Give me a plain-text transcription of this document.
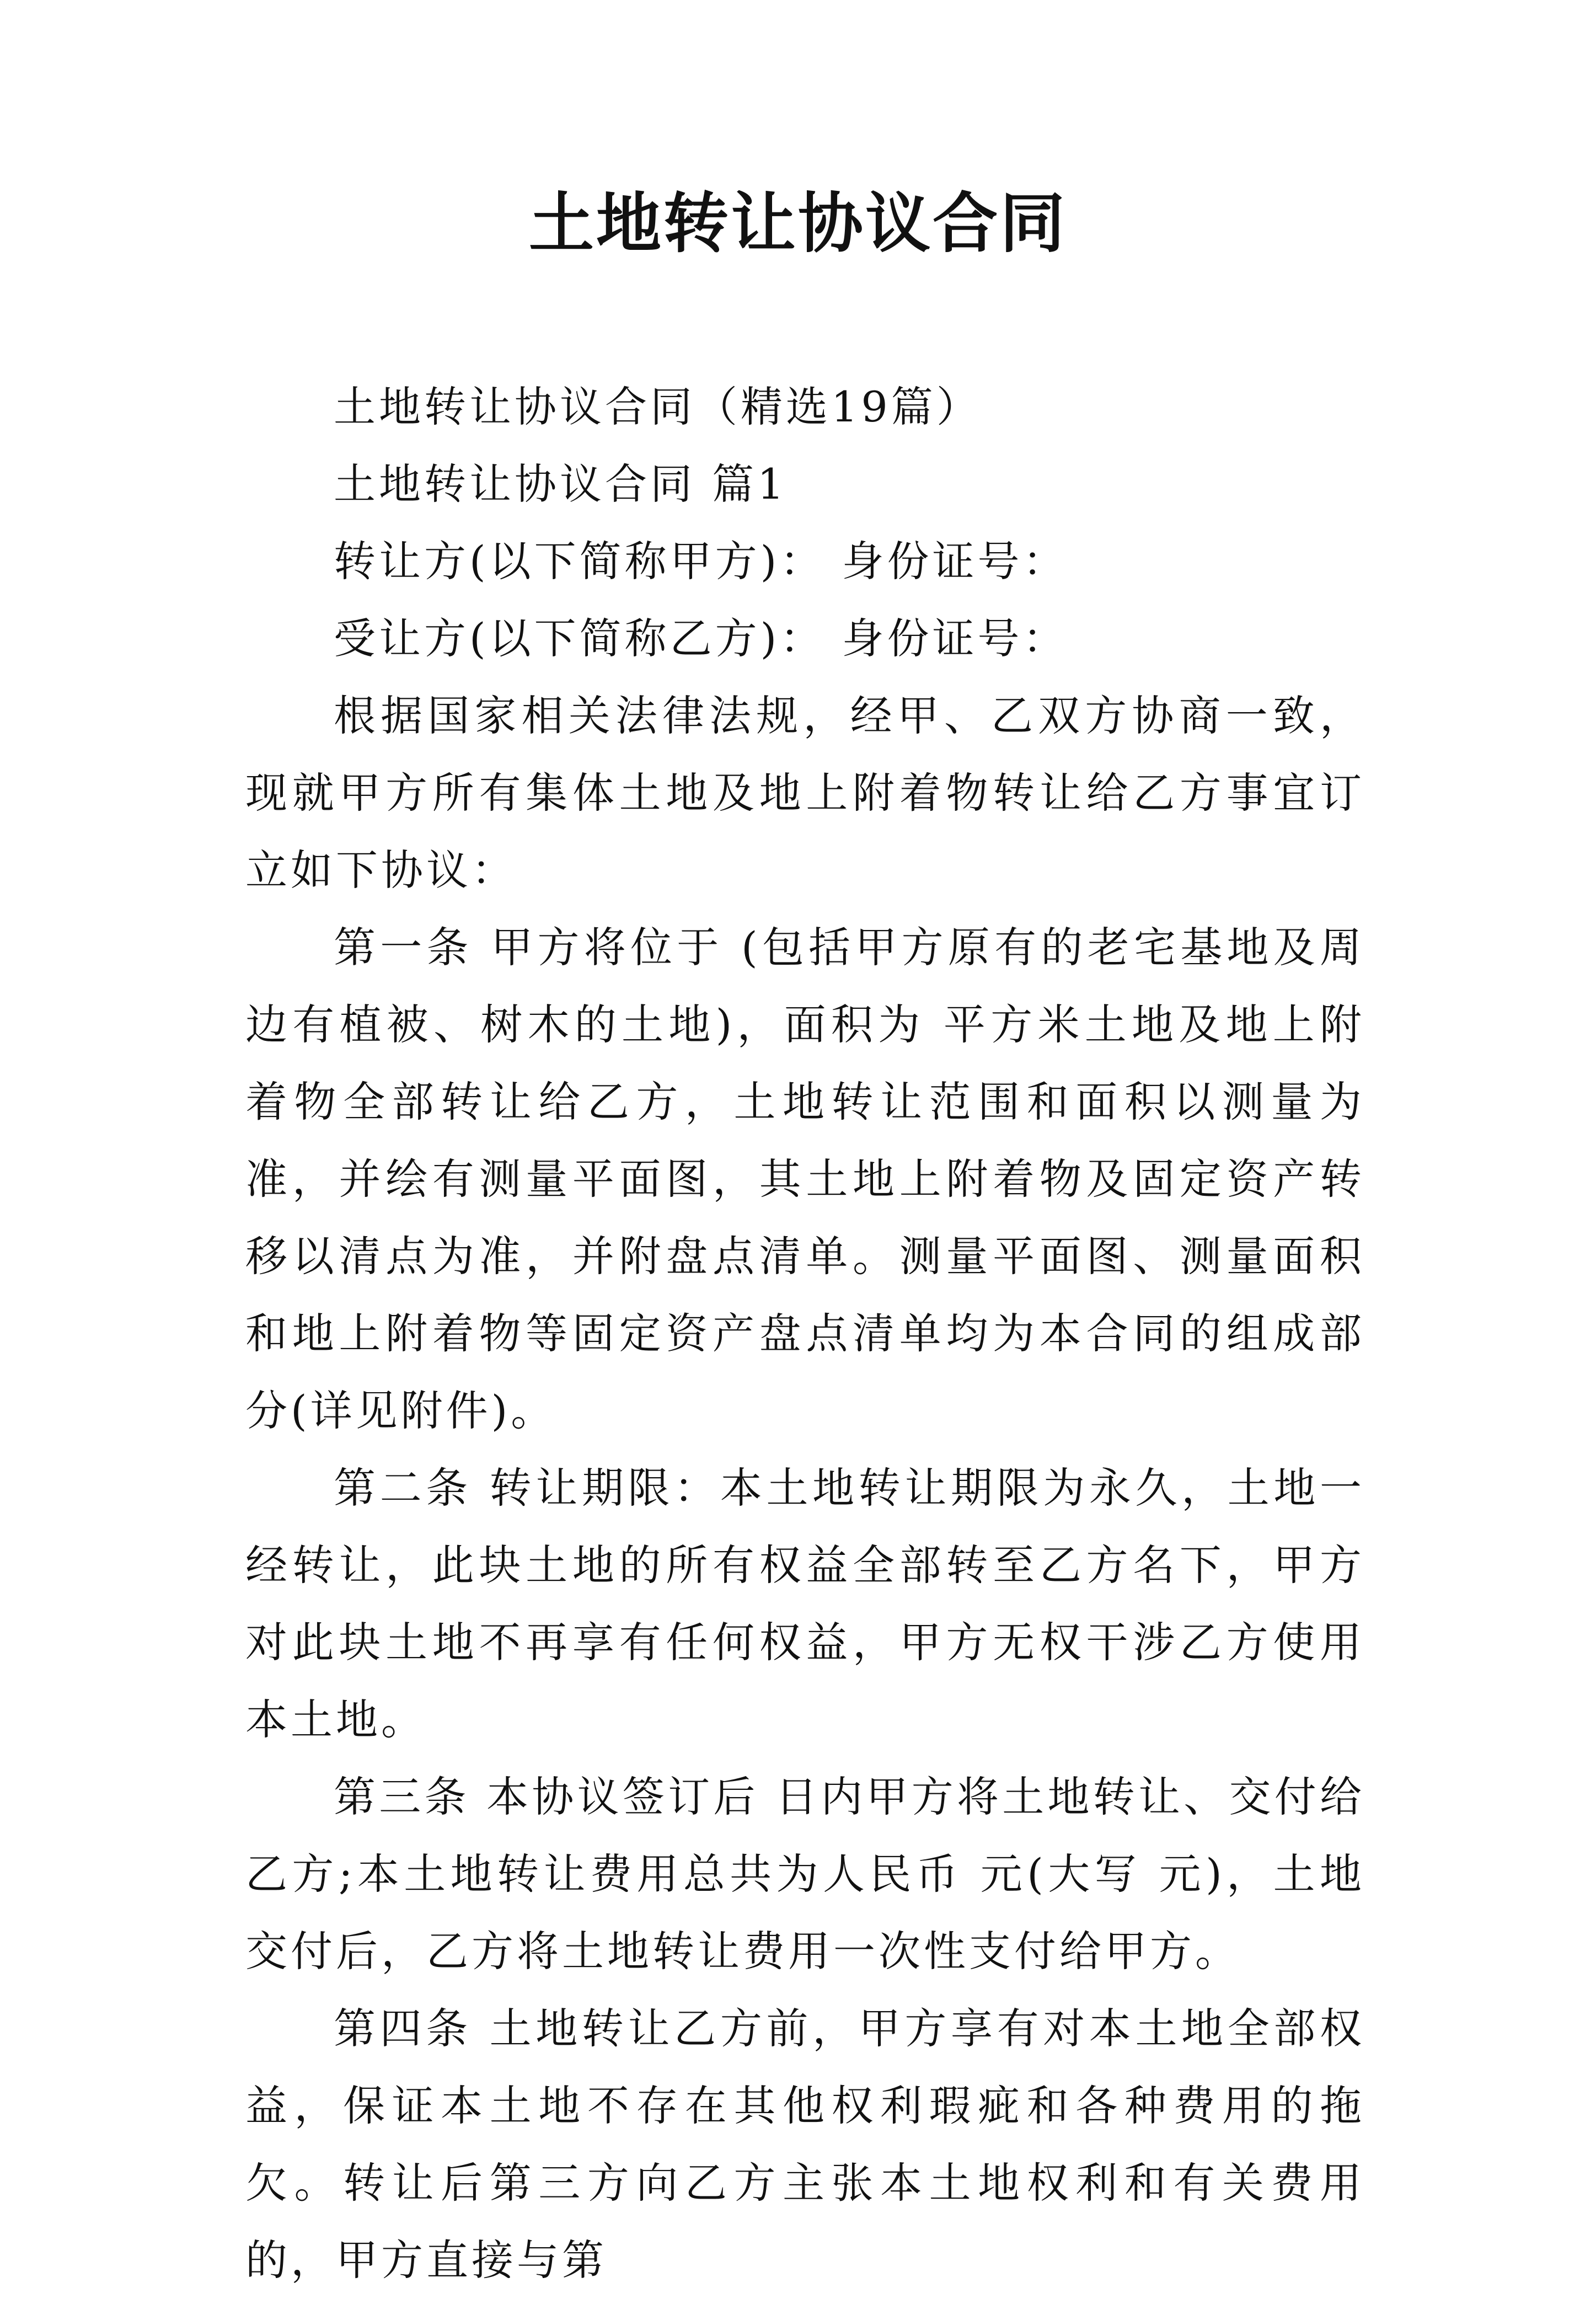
土地转让协议合同

土地转让协议合同（精选19篇）

土地转让协议合同 篇1

转让方(以下简称甲方)： 身份证号：

受让方(以下简称乙方)： 身份证号：

根据国家相关法律法规，经甲、乙双方协商一致，现就甲方所有集体土地及地上附着物转让给乙方事宜订立如下协议：

第一条 甲方将位于 (包括甲方原有的老宅基地及周边有植被、树木的土地)，面积为 平方米土地及地上附着物全部转让给乙方，土地转让范围和面积以测量为准，并绘有测量平面图，其土地上附着物及固定资产转移以清点为准，并附盘点清单。测量平面图、测量面积和地上附着物等固定资产盘点清单均为本合同的组成部分(详见附件)。

第二条 转让期限：本土地转让期限为永久，土地一经转让，此块土地的所有权益全部转至乙方名下，甲方对此块土地不再享有任何权益，甲方无权干涉乙方使用本土地。

第三条 本协议签订后 日内甲方将土地转让、交付给乙方;本土地转让费用总共为人民币 元(大写 元)，土地交付后，乙方将土地转让费用一次性支付给甲方。

第四条 土地转让乙方前，甲方享有对本土地全部权益，保证本土地不存在其他权利瑕疵和各种费用的拖欠。转让后第三方向乙方主张本土地权利和有关费用的，甲方直接与第
